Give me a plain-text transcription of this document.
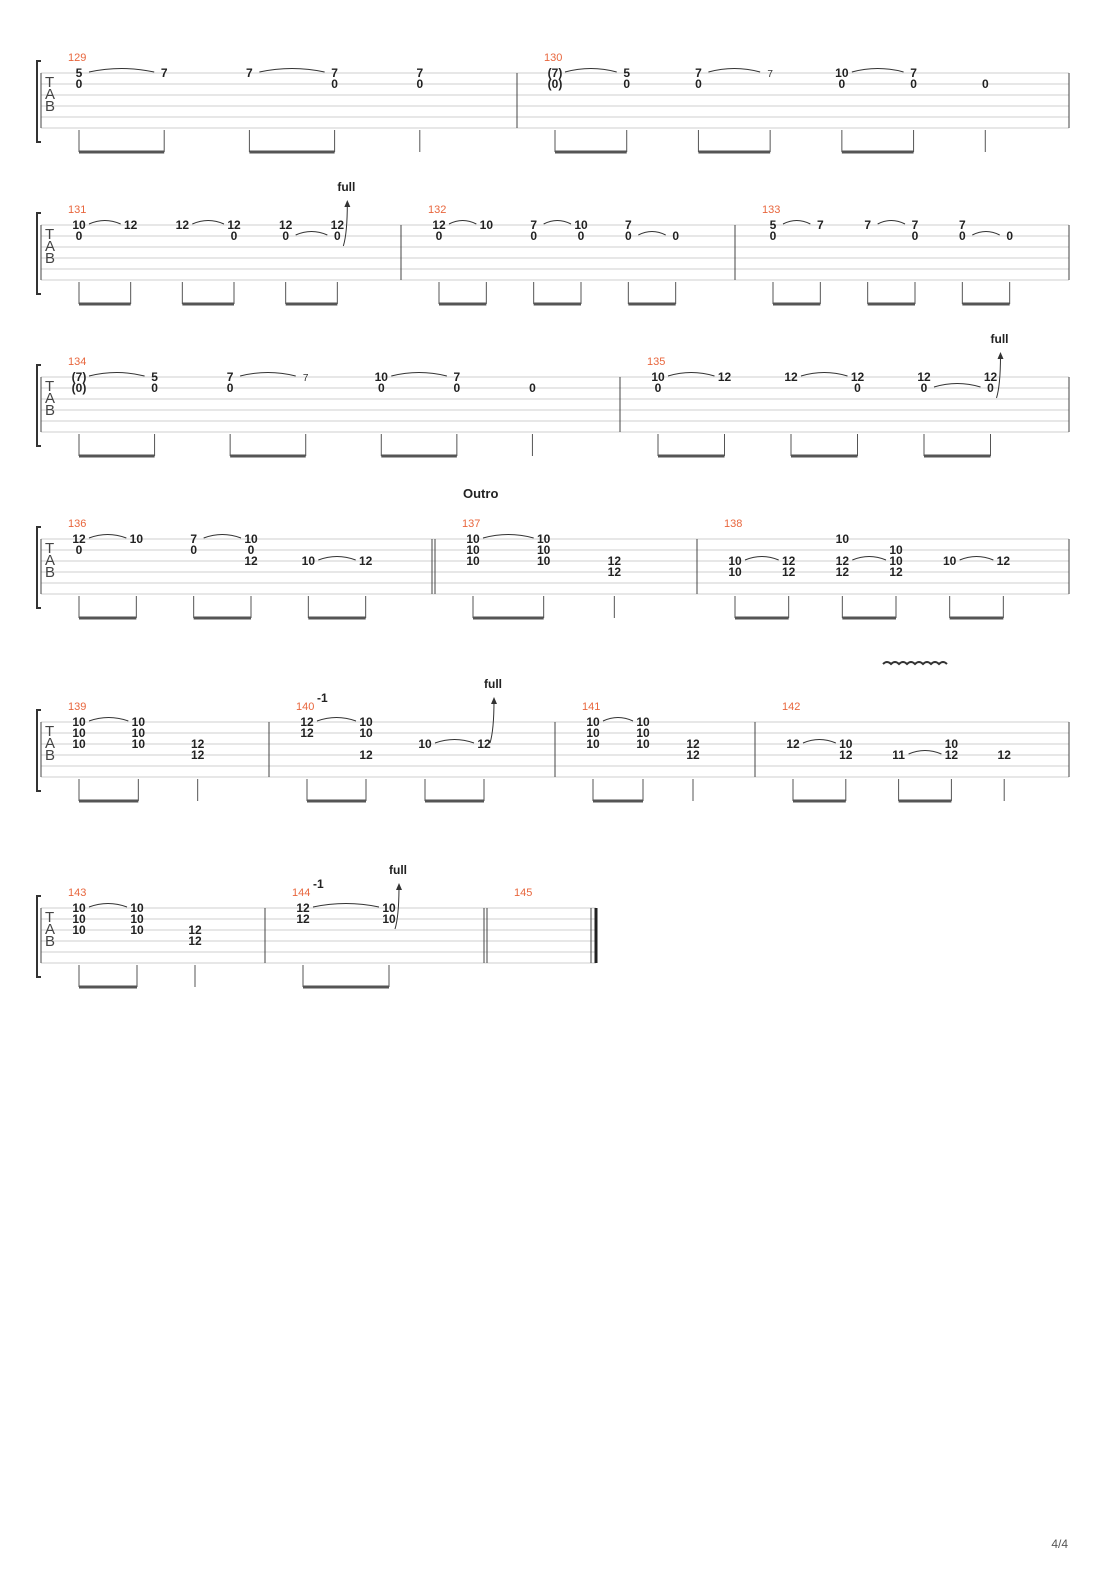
T
A
B
129
5
0
7	7	7
0	0
7
130
(7)
(0)
5
0
7
0
7	10
0	0
7
0
T
A
B
131
10
0
12	12	12
0	0
12	12
0
full
132
12
0
10	7
0
10
0	0
7
0
133
5
0
7	7	7
0	0
7
0
T
A
B
134
(7)
(0)
5
0
7
0
7	10
0	0
7
0
135
10
0
12	12	12
0	0
12	12
0
full
T
A
B
Outro
136
12
0
10	7
0
10
0
12	10	12
137
10
10
10
10
10
10	12
12
138
10
10
12
12
12
12
10
10
10
12
10	12
T
A
B
139
10
10
10
10
10
10	12
12
140
12
12
10
10
12
10	12
full
-1
141
10
10
10
10
10
10	12
12
142
12	10
12	11	12
10
12
T
A
B
143
10
10
10
10
10
10	12
12
144
12
12
10
10
full
-1
145
4/4
